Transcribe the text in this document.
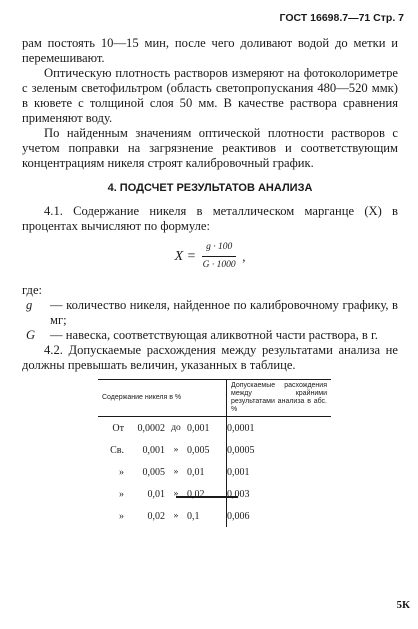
ГОСТ 16698.7—71 Стр. 7

рам постоять 10—15 мин, после чего доливают водой до метки и перемешивают.

Оптическую плотность растворов измеряют на фотоколориметре с зеленым светофильтром (область светопропускания 480—520 ммк) в кювете с толщиной слоя 50 мм. В качестве раствора сравнения применяют воду.

По найденным значениям оптической плотности растворов с учетом поправки на загрязнение реактивов и соответствующим концентрациям никеля строят калибровочный график.

4. ПОДСЧЕТ РЕЗУЛЬТАТОВ АНАЛИЗА

4.1. Содержание никеля в металлическом марганце (X) в процентах вычисляют по формуле:

$X = \frac{g \cdot 100}{G \cdot 1000}$ ,

где:

g	— количество никеля, найденное по калибровочному графику, в мг;
G	— навеска, соответствующая аликвотной части раствора, в г.

4.2. Допускаемые расхождения между результатами анализа не должны превышать величин, указанных в таблице.

Содержание никеля в %	Допускаемые расхождения между крайними результатами анализа в абс. %

От 0,0002 до 0,001	0,0001

Св. 0,001 » 0,005	0,0005

» 0,005 » 0,01	0,001

» 0,01 » 0,02	0,003

» 0,02 » 0,1	0,006
5К
